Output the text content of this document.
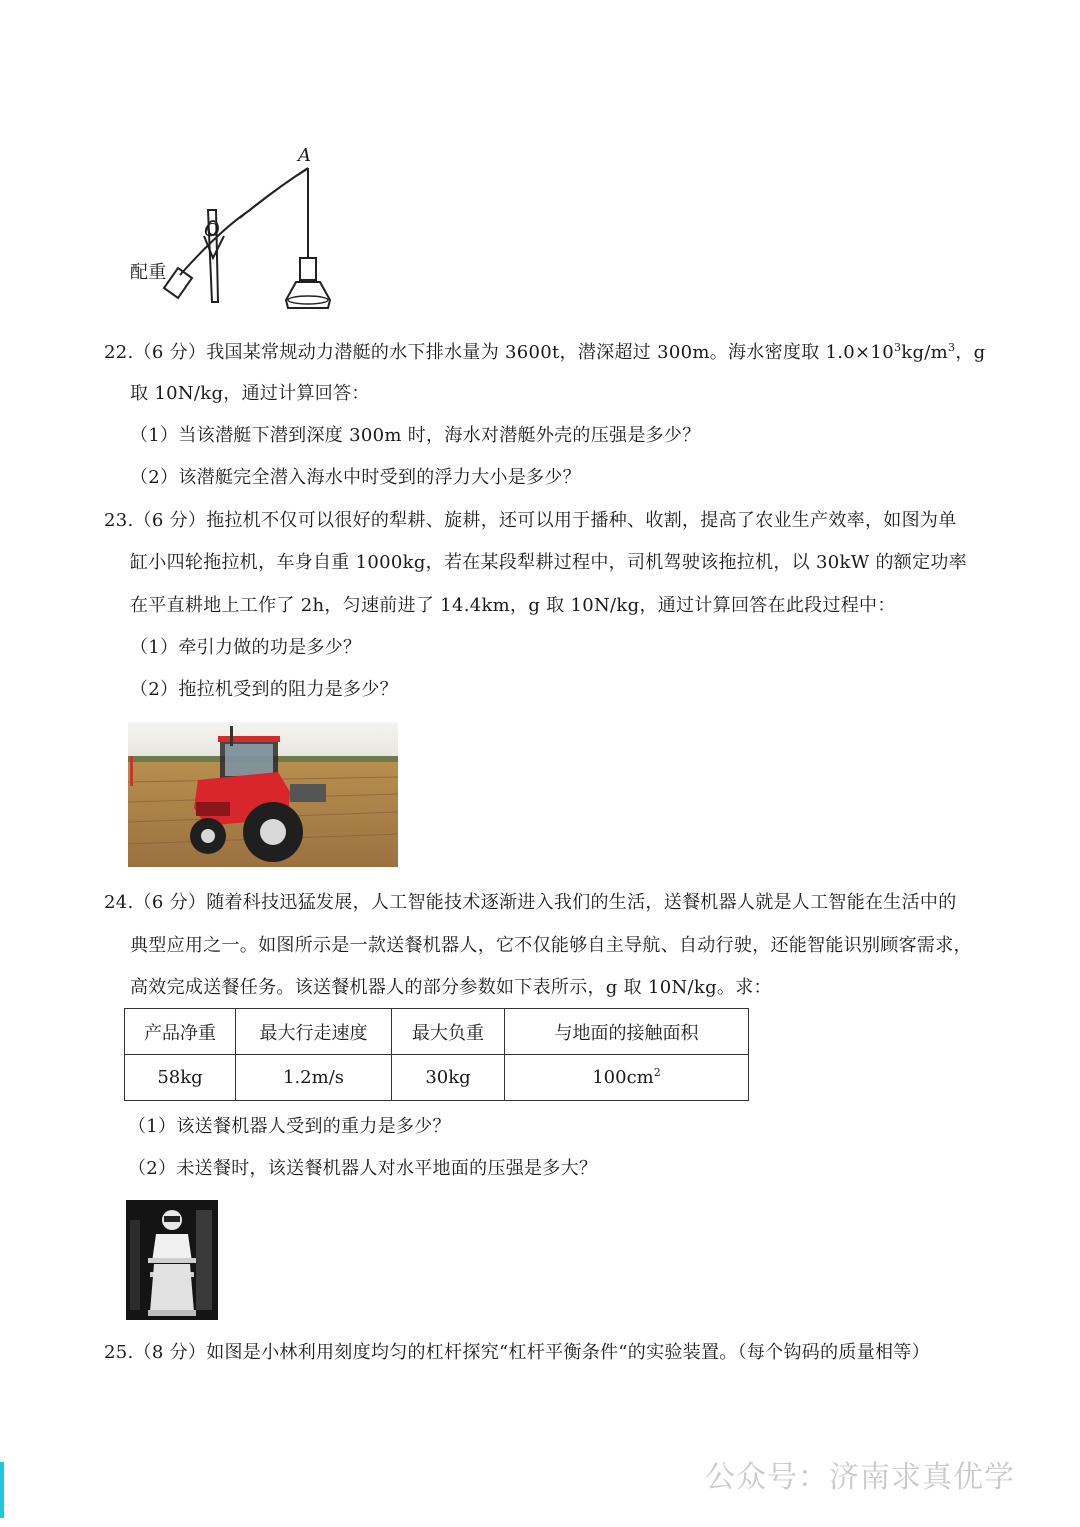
A
O
配重
22.（6 分）我国某常规动力潜艇的水下排水量为 3600t，潜深超过 300m。海水密度取 $1.0\times 10^3kg/m^3$，g
取 10N/kg，通过计算回答：
（1）当该潜艇下潜到深度 300m 时，海水对潜艇外壳的压强是多少？
（2）该潜艇完全潜入海水中时受到的浮力大小是多少？
23.（6 分）拖拉机不仅可以很好的犁耕、旋耕，还可以用于播种、收割，提高了农业生产效率，如图为单
缸小四轮拖拉机，车身自重 1000kg，若在某段犁耕过程中，司机驾驶该拖拉机，以 30kW 的额定功率
在平直耕地上工作了 2h，匀速前进了 14.4km，g 取 10N/kg，通过计算回答在此段过程中：
（1）牵引力做的功是多少？
（2）拖拉机受到的阻力是多少？
24.（6 分）随着科技迅猛发展，人工智能技术逐渐进入我们的生活，送餐机器人就是人工智能在生活中的
典型应用之一。如图所示是一款送餐机器人，它不仅能够自主导航、自动行驶，还能智能识别顾客需求，
高效完成送餐任务。该送餐机器人的部分参数如下表所示，g 取 10N/kg。求：
产品净重	最大行走速度	最大负重	与地面的接触面积
58kg	1.2m/s	30kg	$100cm^2$
（1）该送餐机器人受到的重力是多少？
（2）未送餐时，该送餐机器人对水平地面的压强是多大？
25.（8 分）如图是小林利用刻度均匀的杠杆探究“杠杆平衡条件“的实验装置。（每个钩码的质量相等）
公众号：济南求真优学
